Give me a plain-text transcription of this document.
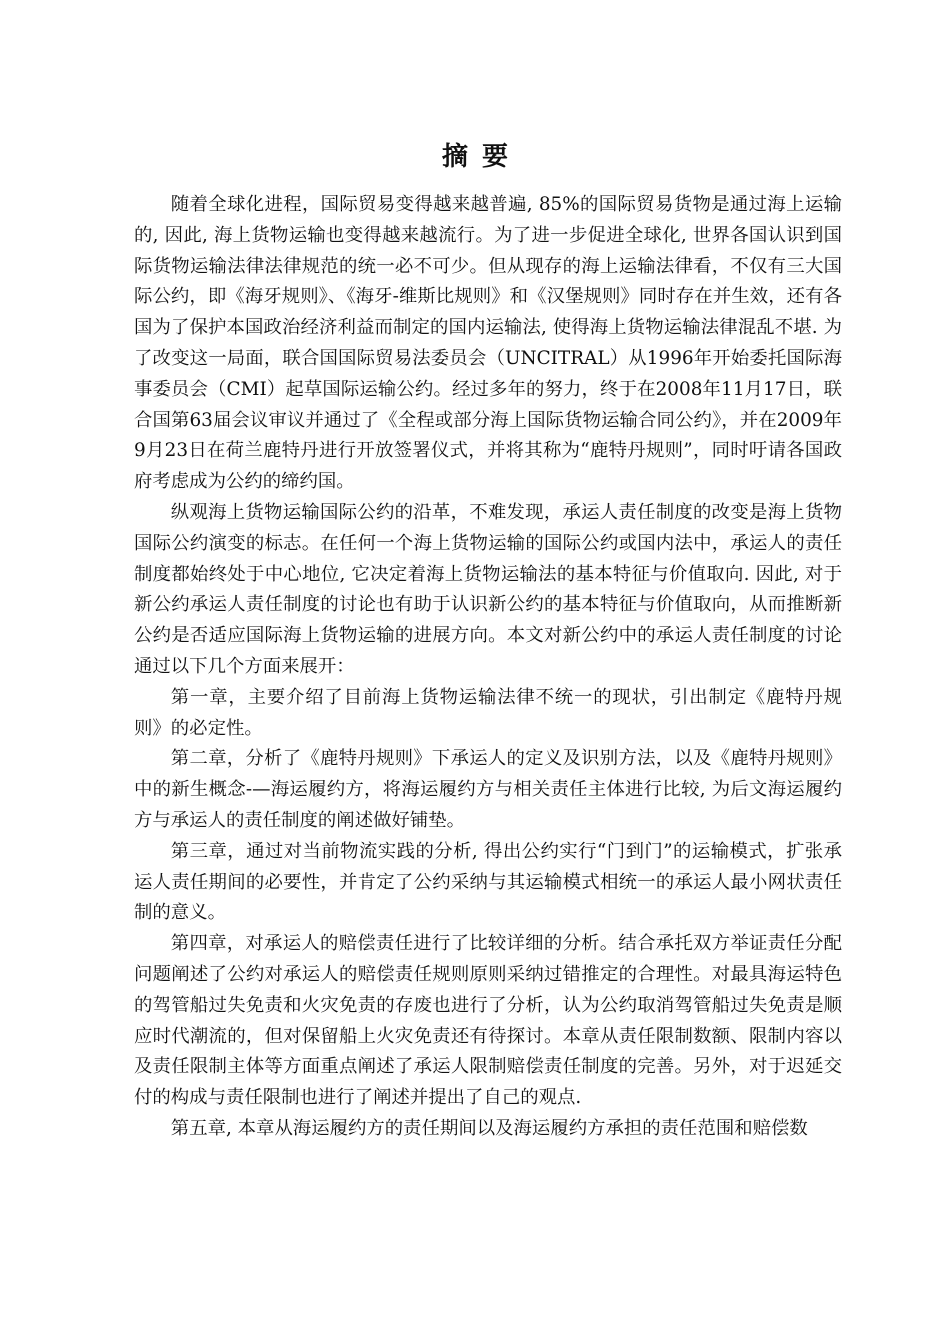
摘要

随着全球化进程，国际贸易变得越来越普遍, 85%的国际贸易货物是通过海上运输的, 因此, 海上货物运输也变得越来越流行。为了进一步促进全球化, 世界各国认识到国际货物运输法律法律规范的统一必不可少。但从现存的海上运输法律看，不仅有三大国际公约，即《海牙规则》、《海牙-维斯比规则》和《汉堡规则》同时存在并生效，还有各国为了保护本国政治经济利益而制定的国内运输法, 使得海上货物运输法律混乱不堪. 为了改变这一局面，联合国国际贸易法委员会（UNCITRAL）从1996年开始委托国际海事委员会（CMI）起草国际运输公约。经过多年的努力，终于在2008年11月17日，联合国第63届会议审议并通过了《全程或部分海上国际货物运输合同公约》，并在2009年9月23日在荷兰鹿特丹进行开放签署仪式，并将其称为“鹿特丹规则”，同时吁请各国政府考虑成为公约的缔约国。

纵观海上货物运输国际公约的沿革，不难发现，承运人责任制度的改变是海上货物国际公约演变的标志。在任何一个海上货物运输的国际公约或国内法中，承运人的责任制度都始终处于中心地位, 它决定着海上货物运输法的基本特征与价值取向. 因此, 对于新公约承运人责任制度的讨论也有助于认识新公约的基本特征与价值取向，从而推断新公约是否适应国际海上货物运输的进展方向。本文对新公约中的承运人责任制度的讨论通过以下几个方面来展开：

第一章，主要介绍了目前海上货物运输法律不统一的现状，引出制定《鹿特丹规则》的必定性。

第二章，分析了《鹿特丹规则》下承运人的定义及识别方法，以及《鹿特丹规则》中的新生概念-—海运履约方，将海运履约方与相关责任主体进行比较, 为后文海运履约方与承运人的责任制度的阐述做好铺垫。

第三章，通过对当前物流实践的分析, 得出公约实行“门到门”的运输模式，扩张承运人责任期间的必要性，并肯定了公约采纳与其运输模式相统一的承运人最小网状责任制的意义。

第四章，对承运人的赔偿责任进行了比较详细的分析。结合承托双方举证责任分配问题阐述了公约对承运人的赔偿责任规则原则采纳过错推定的合理性。对最具海运特色的驾管船过失免责和火灾免责的存废也进行了分析，认为公约取消驾管船过失免责是顺应时代潮流的，但对保留船上火灾免责还有待探讨。本章从责任限制数额、限制内容以及责任限制主体等方面重点阐述了承运人限制赔偿责任制度的完善。另外，对于迟延交付的构成与责任限制也进行了阐述并提出了自己的观点.

第五章, 本章从海运履约方的责任期间以及海运履约方承担的责任范围和赔偿数
